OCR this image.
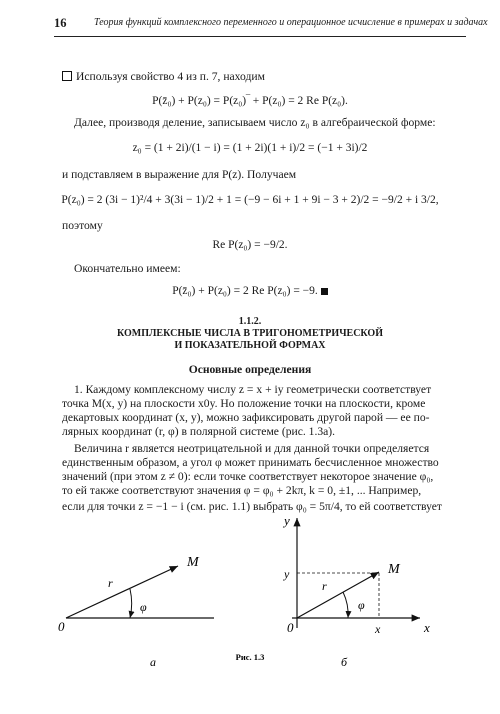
16	Теория функций комплексного переменного и операционное исчисление в примерах и задачах
Используя свойство 4 из п. 7, находим
P(z̄₀) + P(z₀) = P(z₀)‾ + P(z₀) = 2 Re P(z₀).
Далее, производя деление, записываем число z₀ в алгебраической форме:
z₀ = (1 + 2i)/(1 − i) = (1 + 2i)(1 + i)/2 = (−1 + 3i)/2
и подставляем в выражение для P(z). Получаем
P(z₀) = 2 (3i − 1)²/4 + 3(3i − 1)/2 + 1 = (−9 − 6i + 1 + 9i − 3 + 2)/2 = −9/2 + i 3/2,
поэтому
Re P(z₀) = −9/2.
Окончательно имеем:
P(z̄₀) + P(z₀) = 2 Re P(z₀) = −9.
1.1.2.
КОМПЛЕКСНЫЕ ЧИСЛА В ТРИГОНОМЕТРИЧЕСКОЙ
И ПОКАЗАТЕЛЬНОЙ ФОРМАХ
Основные определения
1. Каждому комплексному числу z = x + iy геометрически соответствует
точка M(x, y) на плоскости x0y. Но положение точки на плоскости, кроме
декартовых координат (x, y), можно зафиксировать другой парой — ее по-
лярных координат (r, φ) в полярной системе (рис. 1.3а).
Величина r является неотрицательной и для данной точки определяется
единственным образом, а угол φ может принимать бесчисленное множество
значений (при этом z ≠ 0): если точке соответствует некоторое значение φ₀,
то ей также соответствуют значения φ = φ₀ + 2kπ, k = 0, ±1, ... Например,
если для точки z = −1 − i (см. рис. 1.1) выбрать φ₀ = 5π/4, то ей соответствует
0
r
φ
M
а
0
y
x
y
x
r
φ
M
б
Рис. 1.3
